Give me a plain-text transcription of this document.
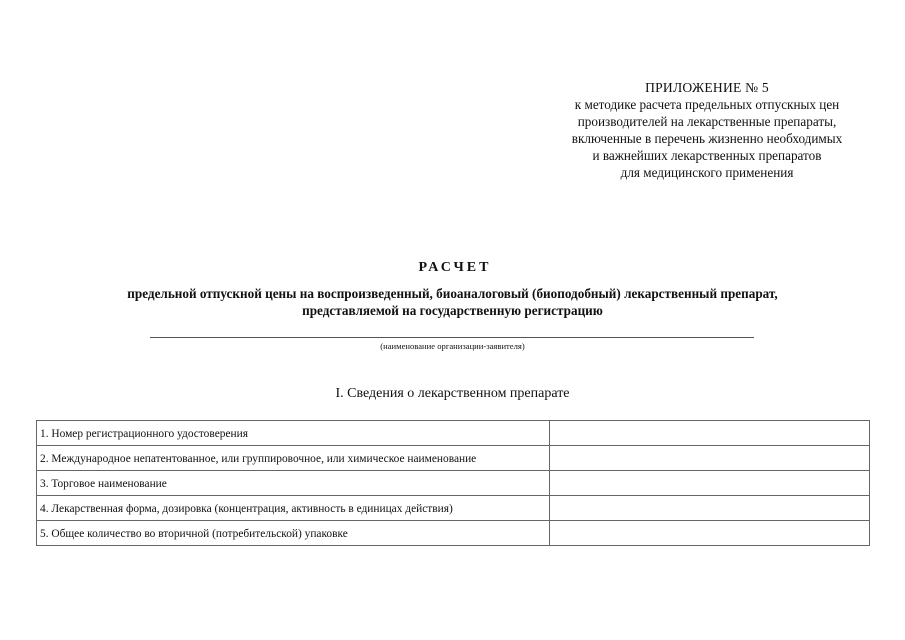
ПРИЛОЖЕНИЕ № 5
к методике расчета предельных отпускных цен
производителей на лекарственные препараты,
включенные в перечень жизненно необходимых
и важнейших лекарственных препаратов
для медицинского применения
РАСЧЕТ
предельной отпускной цены на воспроизведенный, биоаналоговый (биоподобный) лекарственный препарат,
представляемой на государственную регистрацию
(наименование организации-заявителя)
I. Сведения о лекарственном препарате
1. Номер регистрационного удостоверения	
2. Международное непатентованное, или группировочное, или химическое наименование	
3. Торговое наименование	
4. Лекарственная форма, дозировка (концентрация, активность в единицах действия)	
5. Общее количество во вторичной (потребительской) упаковке	
